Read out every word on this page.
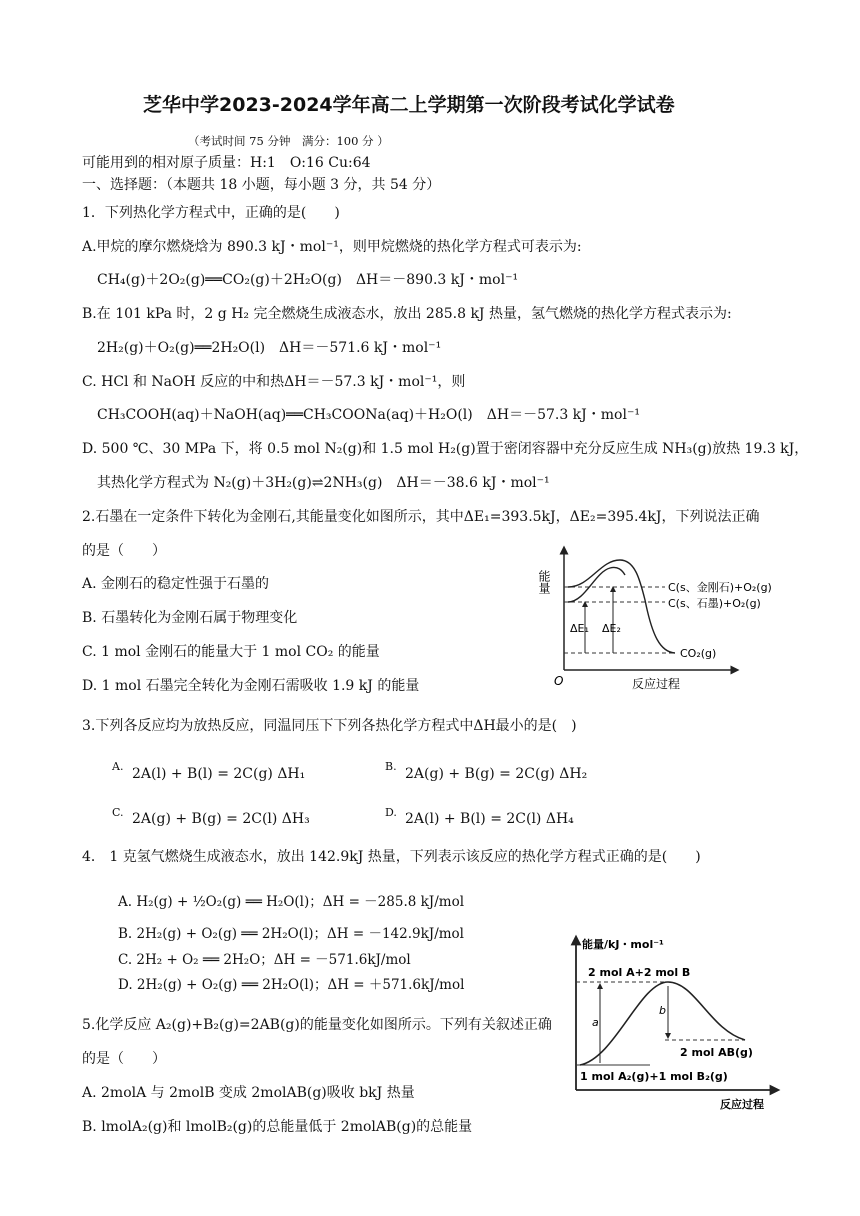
芝华中学2023-2024学年高二上学期第一次阶段考试化学试卷
（考试时间 75 分钟　满分：100 分 ）
可能用到的相对原子质量：H:1　O:16 Cu:64
一、选择题：（本题共 18 小题，每小题 3 分，共 54 分）
1．下列热化学方程式中，正确的是(　　)
A.甲烷的摩尔燃烧焓为 890.3 kJ・mol⁻¹，则甲烷燃烧的热化学方程式可表示为:
CH₄(g)＋2O₂(g)══CO₂(g)＋2H₂O(g)　ΔH＝－890.3 kJ・mol⁻¹
B.在 101 kPa 时，2 g H₂ 完全燃烧生成液态水，放出 285.8 kJ 热量，氢气燃烧的热化学方程式表示为:
2H₂(g)＋O₂(g)══2H₂O(l)　ΔH＝－571.6 kJ・mol⁻¹
C. HCl 和 NaOH 反应的中和热ΔH＝－57.3 kJ・mol⁻¹，则
CH₃COOH(aq)＋NaOH(aq)══CH₃COONa(aq)＋H₂O(l)　ΔH＝－57.3 kJ・mol⁻¹
D. 500 ℃、30 MPa 下，将 0.5 mol N₂(g)和 1.5 mol H₂(g)置于密闭容器中充分反应生成 NH₃(g)放热 19.3 kJ，
其热化学方程式为 N₂(g)＋3H₂(g)⇌2NH₃(g)　ΔH＝－38.6 kJ・mol⁻¹
2.石墨在一定条件下转化为金刚石,其能量变化如图所示，其中ΔE₁=393.5kJ，ΔE₂=395.4kJ，下列说法正确
的是（　　）
A. 金刚石的稳定性强于石墨的
B. 石墨转化为金刚石属于物理变化
C. 1 mol 金刚石的能量大于 1 mol CO₂ 的能量
D. 1 mol 石墨完全转化为金刚石需吸收 1.9 kJ 的能量
能量
O	反应过程
ΔE₁ ΔE₂
C(s、金刚石)+O₂(g)
C(s、石墨)+O₂(g)
CO₂(g)
3.下列各反应均为放热反应，同温同压下下列各热化学方程式中ΔH最小的是(　)
A. 2A(l) + B(l) = 2C(g) ΔH₁	B. 2A(g) + B(g) = 2C(g) ΔH₂
C. 2A(g) + B(g) = 2C(l) ΔH₃	D. 2A(l) + B(l) = 2C(l) ΔH₄
4． 1 克氢气燃烧生成液态水，放出 142.9kJ 热量，下列表示该反应的热化学方程式正确的是(　　)
A. H₂(g) + ½O₂(g) ══ H₂O(l)；ΔH = －285.8 kJ/mol
B. 2H₂(g) + O₂(g) ══ 2H₂O(l)；ΔH = －142.9kJ/mol
C. 2H₂ + O₂ ══ 2H₂O；ΔH = －571.6kJ/mol
D. 2H₂(g) + O₂(g) ══ 2H₂O(l)；ΔH = ＋571.6kJ/mol
5.化学反应 A₂(g)+B₂(g)=2AB(g)的能量变化如图所示。下列有关叙述正确
的是（　　）
A. 2molA 与 2molB 变成 2molAB(g)吸收 bkJ 热量
B. lmolA₂(g)和 lmolB₂(g)的总能量低于 2molAB(g)的总能量
能量/kJ・mol⁻¹
反应过程
a
b
2 mol A+2 mol B
2 mol AB(g)
1 mol A₂(g)+1 mol B₂(g)
